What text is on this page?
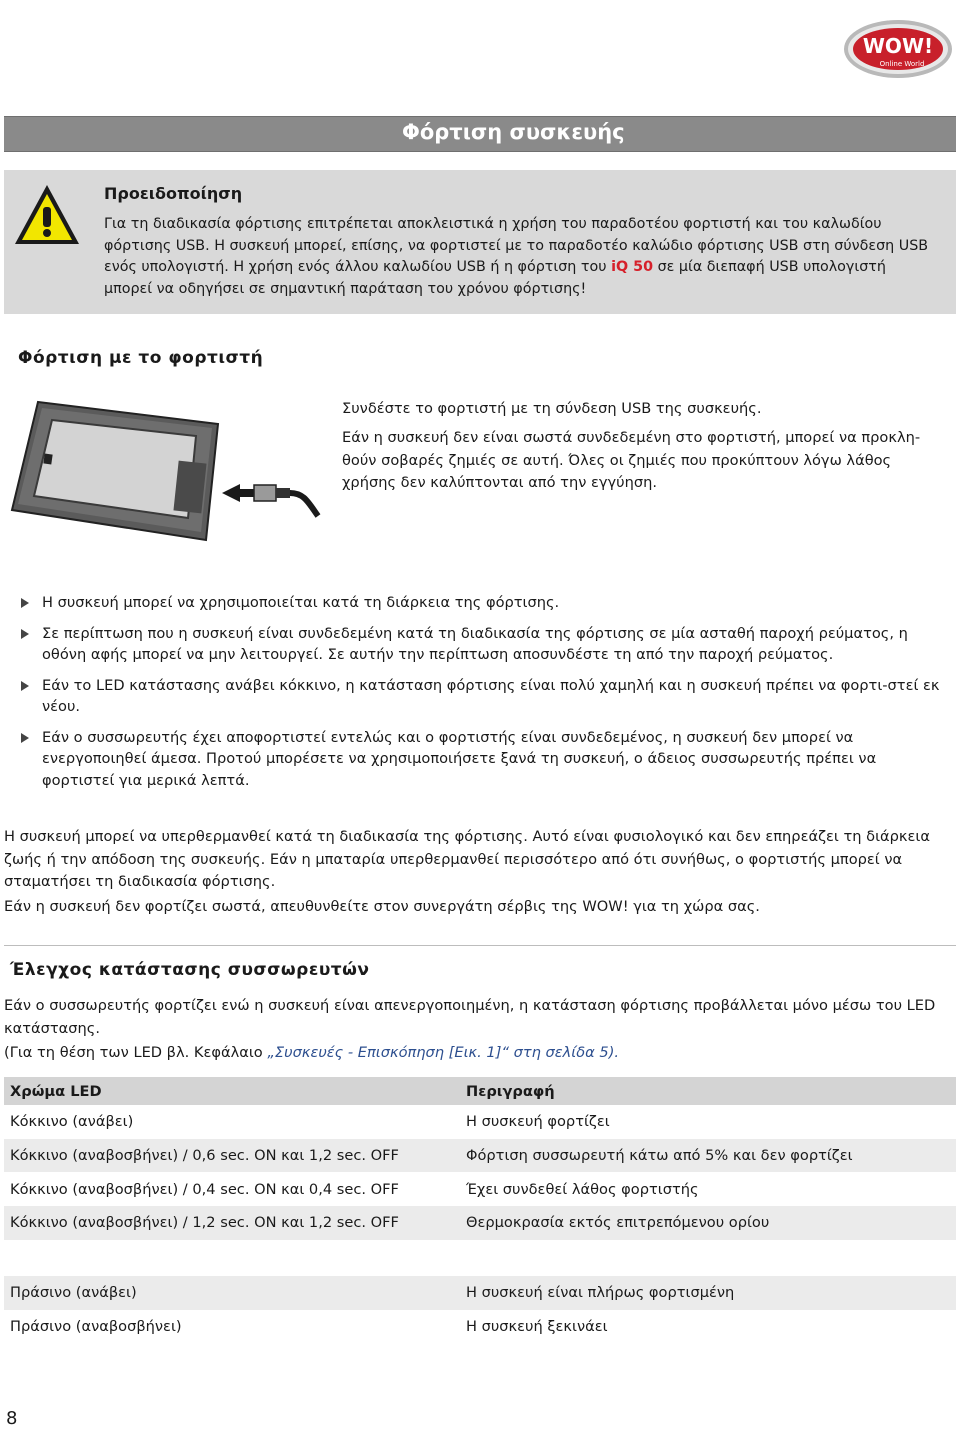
WOW!
Online World
Φόρτιση συσκευής
Προειδοποίηση
Για τη διαδικασία φόρτισης επιτρέπεται αποκλειστικά η χρήση του παραδοτέου φορτιστή και του καλωδίου φόρτισης USB. Η συσκευή μπορεί, επίσης, να φορτιστεί με το παραδοτέο καλώδιο φόρτισης USB στη σύνδεση USB ενός υπολογιστή. Η χρήση ενός άλλου καλωδίου USB ή η φόρτιση του iQ 50 σε μία διεπαφή USB υπολογιστή μπορεί να οδηγήσει σε σημαντική παράταση του χρόνου φόρτισης!
Φόρτιση με το φορτιστή
Συνδέστε το φορτιστή με τη σύνδεση USB της συσκευής.
Εάν η συσκευή δεν είναι σωστά συνδεδεμένη στο φορτιστή, μπορεί να προκλη-θούν σοβαρές ζημιές σε αυτή. Όλες οι ζημιές που προκύπτουν λόγω λάθος χρήσης δεν καλύπτονται από την εγγύηση.
Η συσκευή μπορεί να χρησιμοποιείται κατά τη διάρκεια της φόρτισης.
Σε περίπτωση που η συσκευή είναι συνδεδεμένη κατά τη διαδικασία της φόρτισης σε μία ασταθή παροχή ρεύματος, η οθόνη αφής μπορεί να μην λειτουργεί. Σε αυτήν την περίπτωση αποσυνδέστε τη από την παροχή ρεύματος.
Εάν το LED κατάστασης ανάβει κόκκινο, η κατάσταση φόρτισης είναι πολύ χαμηλή και η συσκευή πρέπει να φορτι-στεί εκ νέου.
Εάν ο συσσωρευτής έχει αποφορτιστεί εντελώς και ο φορτιστής είναι συνδεδεμένος, η συσκευή δεν μπορεί να ενεργοποιηθεί άμεσα. Προτού μπορέσετε να χρησιμοποιήσετε ξανά τη συσκευή, ο άδειος συσσωρευτής πρέπει να φορτιστεί για μερικά λεπτά.
Η συσκευή μπορεί να υπερθερμανθεί κατά τη διαδικασία της φόρτισης. Αυτό είναι φυσιολογικό και δεν επηρεάζει τη διάρκεια ζωής ή την απόδοση της συσκευής. Εάν η μπαταρία υπερθερμανθεί περισσότερο από ότι συνήθως, ο φορτιστής μπορεί να σταματήσει τη διαδικασία φόρτισης.
Εάν η συσκευή δεν φορτίζει σωστά, απευθυνθείτε στον συνεργάτη σέρβις της WOW! για τη χώρα σας.
Έλεγχος κατάστασης συσσωρευτών
Εάν ο συσσωρευτής φορτίζει ενώ η συσκευή είναι απενεργοποιημένη, η κατάσταση φόρτισης προβάλλεται μόνο μέσω του LED κατάστασης.
(Για τη θέση των LED βλ. Κεφάλαιο „Συσκευές - Επισκόπηση [Εικ. 1]“ στη σελίδα 5).
Χρώμα LED	Περιγραφή
Κόκκινο (ανάβει)	Η συσκευή φορτίζει
Κόκκινο (αναβοσβήνει) / 0,6 sec. ON και 1,2 sec. OFF	Φόρτιση συσσωρευτή κάτω από 5% και δεν φορτίζει
Κόκκινο (αναβοσβήνει) / 0,4 sec. ON και 0,4 sec. OFF	Έχει συνδεθεί λάθος φορτιστής
Κόκκινο (αναβοσβήνει) / 1,2 sec. ON και 1,2 sec. OFF	Θερμοκρασία εκτός επιτρεπόμενου ορίου
Πράσινο (ανάβει)	Η συσκευή είναι πλήρως φορτισμένη
Πράσινο (αναβοσβήνει)	Η συσκευή ξεκινάει
8
